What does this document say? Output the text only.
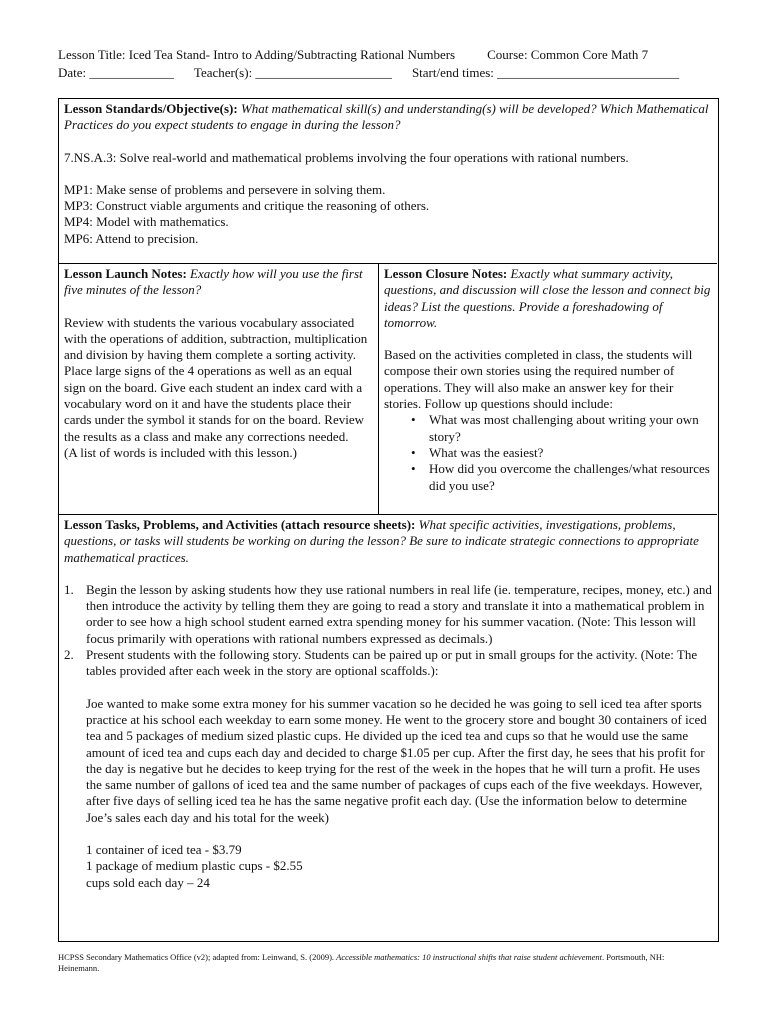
Lesson Title: Iced Tea Stand- Intro to Adding/Subtracting Rational Numbers Course: Common Core Math 7
Date: _____________ Teacher(s): _____________________ Start/end times: ____________________________

Lesson Standards/Objective(s): What mathematical skill(s) and understanding(s) will be developed? Which Mathematical Practices do you expect students to engage in during the lesson?

7.NS.A.3: Solve real-world and mathematical problems involving the four operations with rational numbers.

MP1: Make sense of problems and persevere in solving them.

MP3: Construct viable arguments and critique the reasoning of others.

MP4: Model with mathematics.

MP6: Attend to precision.

Lesson Launch Notes: Exactly how will you use the first five minutes of the lesson?

Review with students the various vocabulary associated with the operations of addition, subtraction, multiplication and division by having them complete a sorting activity. Place large signs of the 4 operations as well as an equal sign on the board. Give each student an index card with a vocabulary word on it and have the students place their cards under the symbol it stands for on the board. Review the results as a class and make any corrections needed.

(A list of words is included with this lesson.)

Lesson Closure Notes: Exactly what summary activity, questions, and discussion will close the lesson and connect big ideas? List the questions. Provide a foreshadowing of tomorrow.

Based on the activities completed in class, the students will compose their own stories using the required number of operations. They will also make an answer key for their stories. Follow up questions should include:

• What was most challenging about writing your own story?
• What was the easiest?
• How did you overcome the challenges/what resources did you use?

Lesson Tasks, Problems, and Activities (attach resource sheets): What specific activities, investigations, problems, questions, or tasks will students be working on during the lesson? Be sure to indicate strategic connections to appropriate mathematical practices.

1. Begin the lesson by asking students how they use rational numbers in real life (ie. temperature, recipes, money, etc.) and then introduce the activity by telling them they are going to read a story and translate it into a mathematical problem in order to see how a high school student earned extra spending money for his summer vacation. (Note: This lesson will focus primarily with operations with rational numbers expressed as decimals.)
2. Present students with the following story. Students can be paired up or put in small groups for the activity. (Note: The tables provided after each week in the story are optional scaffolds.):

Joe wanted to make some extra money for his summer vacation so he decided he was going to sell iced tea after sports practice at his school each weekday to earn some money. He went to the grocery store and bought 30 containers of iced tea and 5 packages of medium sized plastic cups. He divided up the iced tea and cups so that he would use the same amount of iced tea and cups each day and decided to charge $1.05 per cup. After the first day, he sees that his profit for the day is negative but he decides to keep trying for the rest of the week in the hopes that he will turn a profit. He uses the same number of gallons of iced tea and the same number of packages of cups each of the five weekdays. However, after five days of selling iced tea he has the same negative profit each day. (Use the information below to determine Joe’s sales each day and his total for the week)

1 container of iced tea - $3.79

1 package of medium plastic cups - $2.55

cups sold each day – 24

HCPSS Secondary Mathematics Office (v2); adapted from: Leinwand, S. (2009). Accessible mathematics: 10 instructional shifts that raise student achievement. Portsmouth, NH: Heinemann.
